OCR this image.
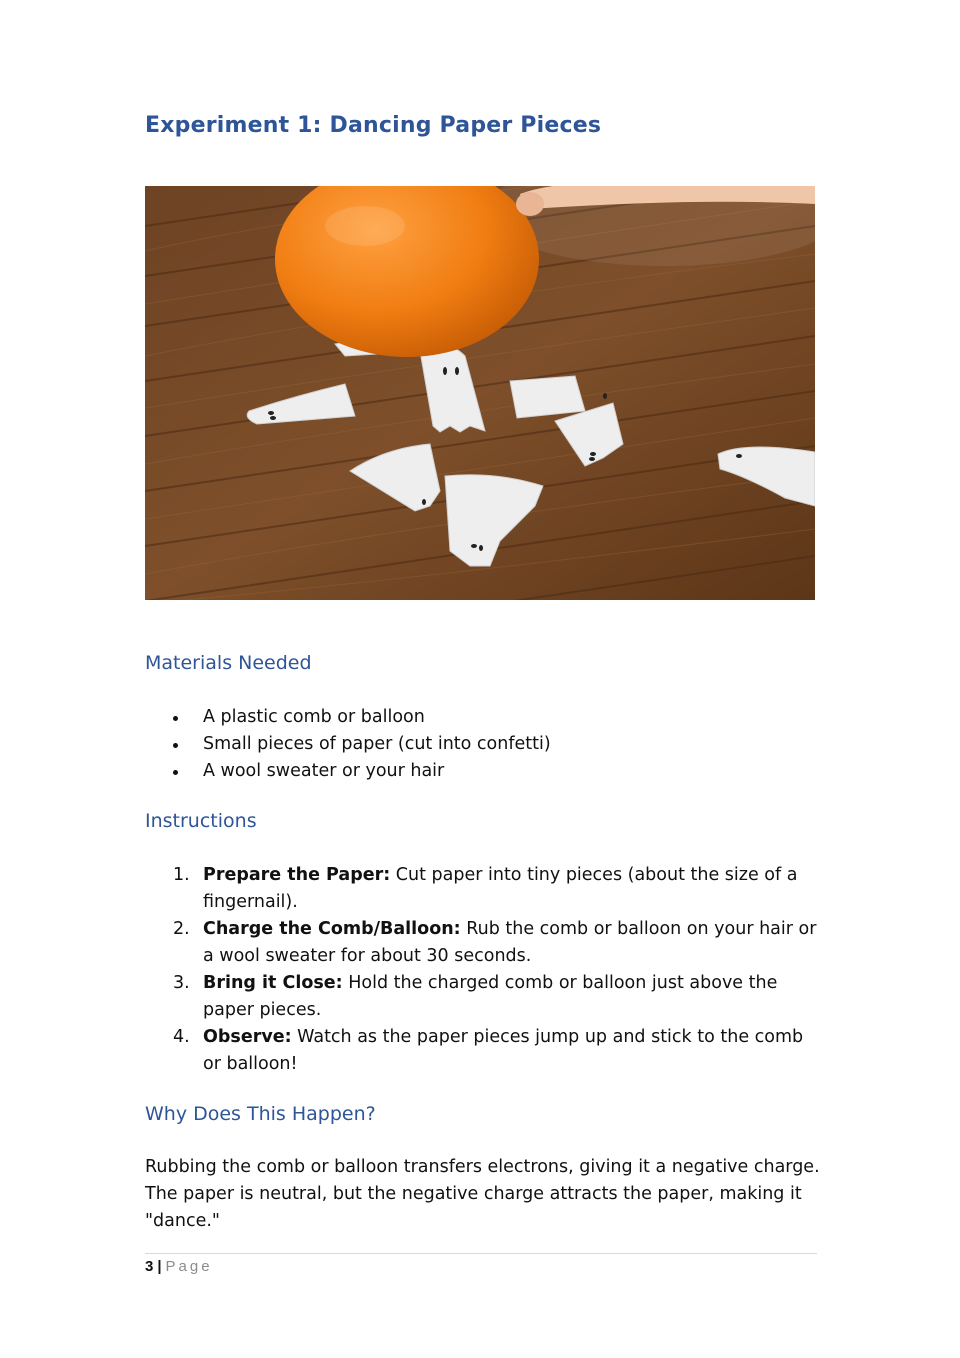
Experiment 1: Dancing Paper Pieces
Materials Needed
A plastic comb or balloon
Small pieces of paper (cut into confetti)
A wool sweater or your hair
Instructions
1. Prepare the Paper: Cut paper into tiny pieces (about the size of a fingernail).
2. Charge the Comb/Balloon: Rub the comb or balloon on your hair or a wool sweater for about 30 seconds.
3. Bring it Close: Hold the charged comb or balloon just above the paper pieces.
4. Observe: Watch as the paper pieces jump up and stick to the comb or balloon!
Why Does This Happen?

Rubbing the comb or balloon transfers electrons, giving it a negative charge. The paper is neutral, but the negative charge attracts the paper, making it "dance."

3 | Page
